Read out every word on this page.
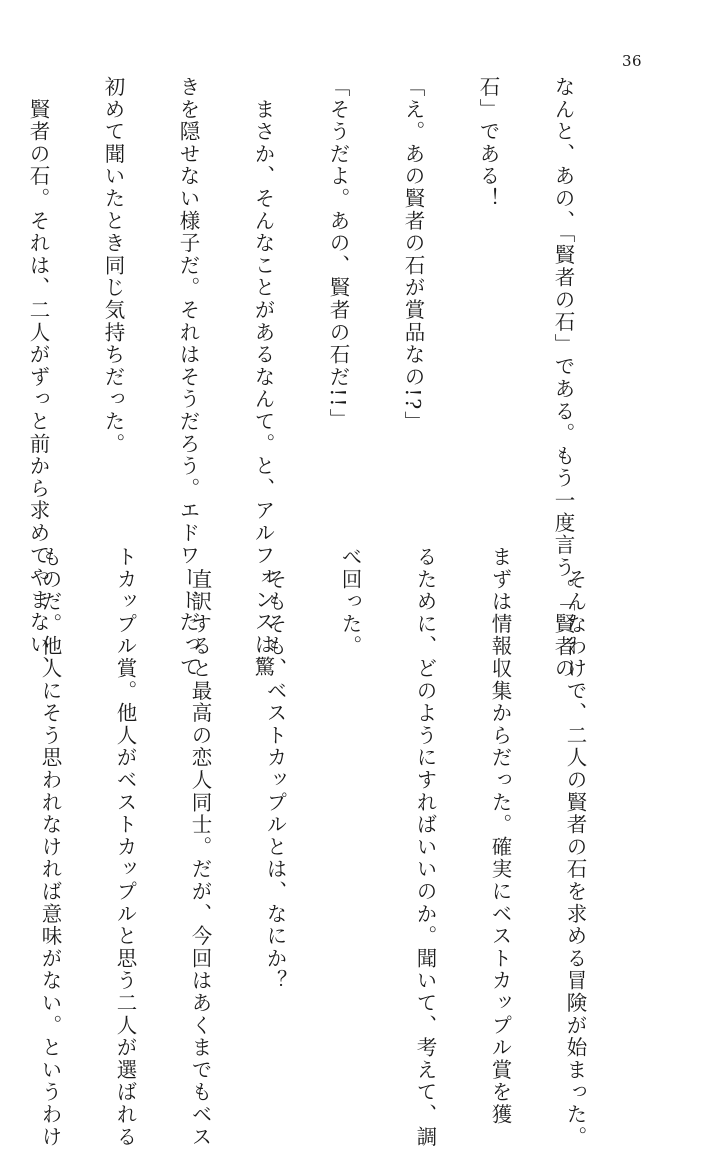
36

なんと、あの、「賢者の石」である。もう一度言う。「賢者の

石」である！

「え。あの賢者の石が賞品なの!?」

「そうだよ。あの、賢者の石だ!!」

　まさか、そんなことがあるなんて。と、アルフォンスは驚

きを隠せない様子だ。それはそうだろう。エドワードだって

初めて聞いたとき同じ気持ちだった。

　賢者の石。それは、二人がずっと前から求めてやまない、

　そんなわけで、二人の賢者の石を求める冒険が始まった。

まずは情報収集からだった。確実にベストカップル賞を獲

るために、どのようにすればいいのか。聞いて、考えて、調

べ回った。

　そもそも、ベストカップルとは、なにか？

　直訳すると最高の恋人同士。だが、今回はあくまでもベス

トカップル賞。他人がベストカップルと思う二人が選ばれる

ものだ。他人にそう思われなければ意味がない。というわけ
